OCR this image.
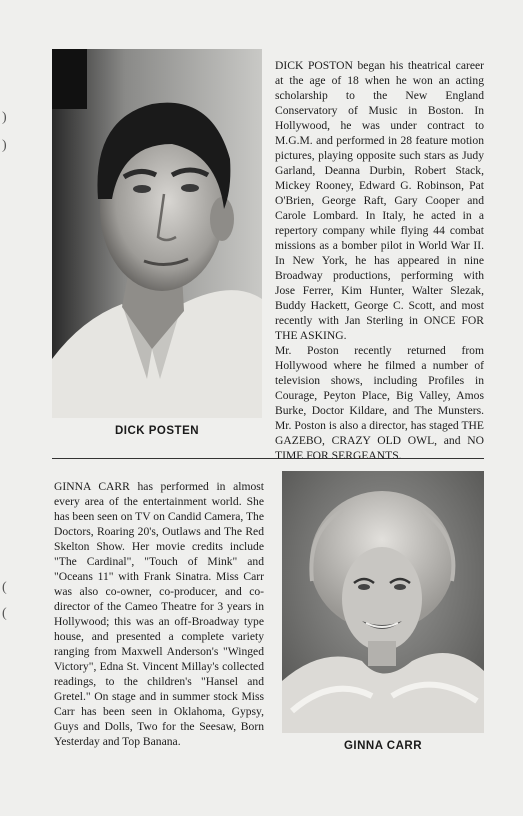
)
)
(
(
DICK POSTEN

DICK POSTON began his theatrical career at the age of 18 when he won an acting scholarship to the New England Conservatory of Music in Boston. In Hollywood, he was under contract to M.G.M. and performed in 28 feature motion pictures, playing opposite such stars as Judy Garland, Deanna Durbin, Robert Stack, Mickey Rooney, Edward G. Robinson, Pat O'Brien, George Raft, Gary Cooper and Carole Lombard. In Italy, he acted in a repertory company while flying 44 combat missions as a bomber pilot in World War II. In New York, he has appeared in nine Broadway productions, performing with Jose Ferrer, Kim Hunter, Walter Slezak, Buddy Hackett, George C. Scott, and most recently with Jan Sterling in ONCE FOR THE ASKING.

Mr. Poston recently returned from Hollywood where he filmed a number of television shows, including Profiles in Courage, Peyton Place, Big Valley, Amos Burke, Doctor Kildare, and The Munsters. Mr. Poston is also a director, has staged THE GAZEBO, CRAZY OLD OWL, and NO TIME FOR SERGEANTS.

GINNA CARR has performed in almost every area of the entertainment world. She has been seen on TV on Candid Camera, The Doctors, Roaring 20's, Outlaws and The Red Skelton Show. Her movie credits include "The Cardinal", "Touch of Mink" and "Oceans 11" with Frank Sinatra. Miss Carr was also co-owner, co-producer, and co-director of the Cameo Theatre for 3 years in Hollywood; this was an off-Broadway type house, and presented a complete variety ranging from Maxwell Anderson's "Winged Victory", Edna St. Vincent Millay's collected readings, to the children's "Hansel and Gretel." On stage and in summer stock Miss Carr has been seen in Oklahoma, Gypsy, Guys and Dolls, Two for the Seesaw, Born Yesterday and Top Banana.	GINNA CARR
